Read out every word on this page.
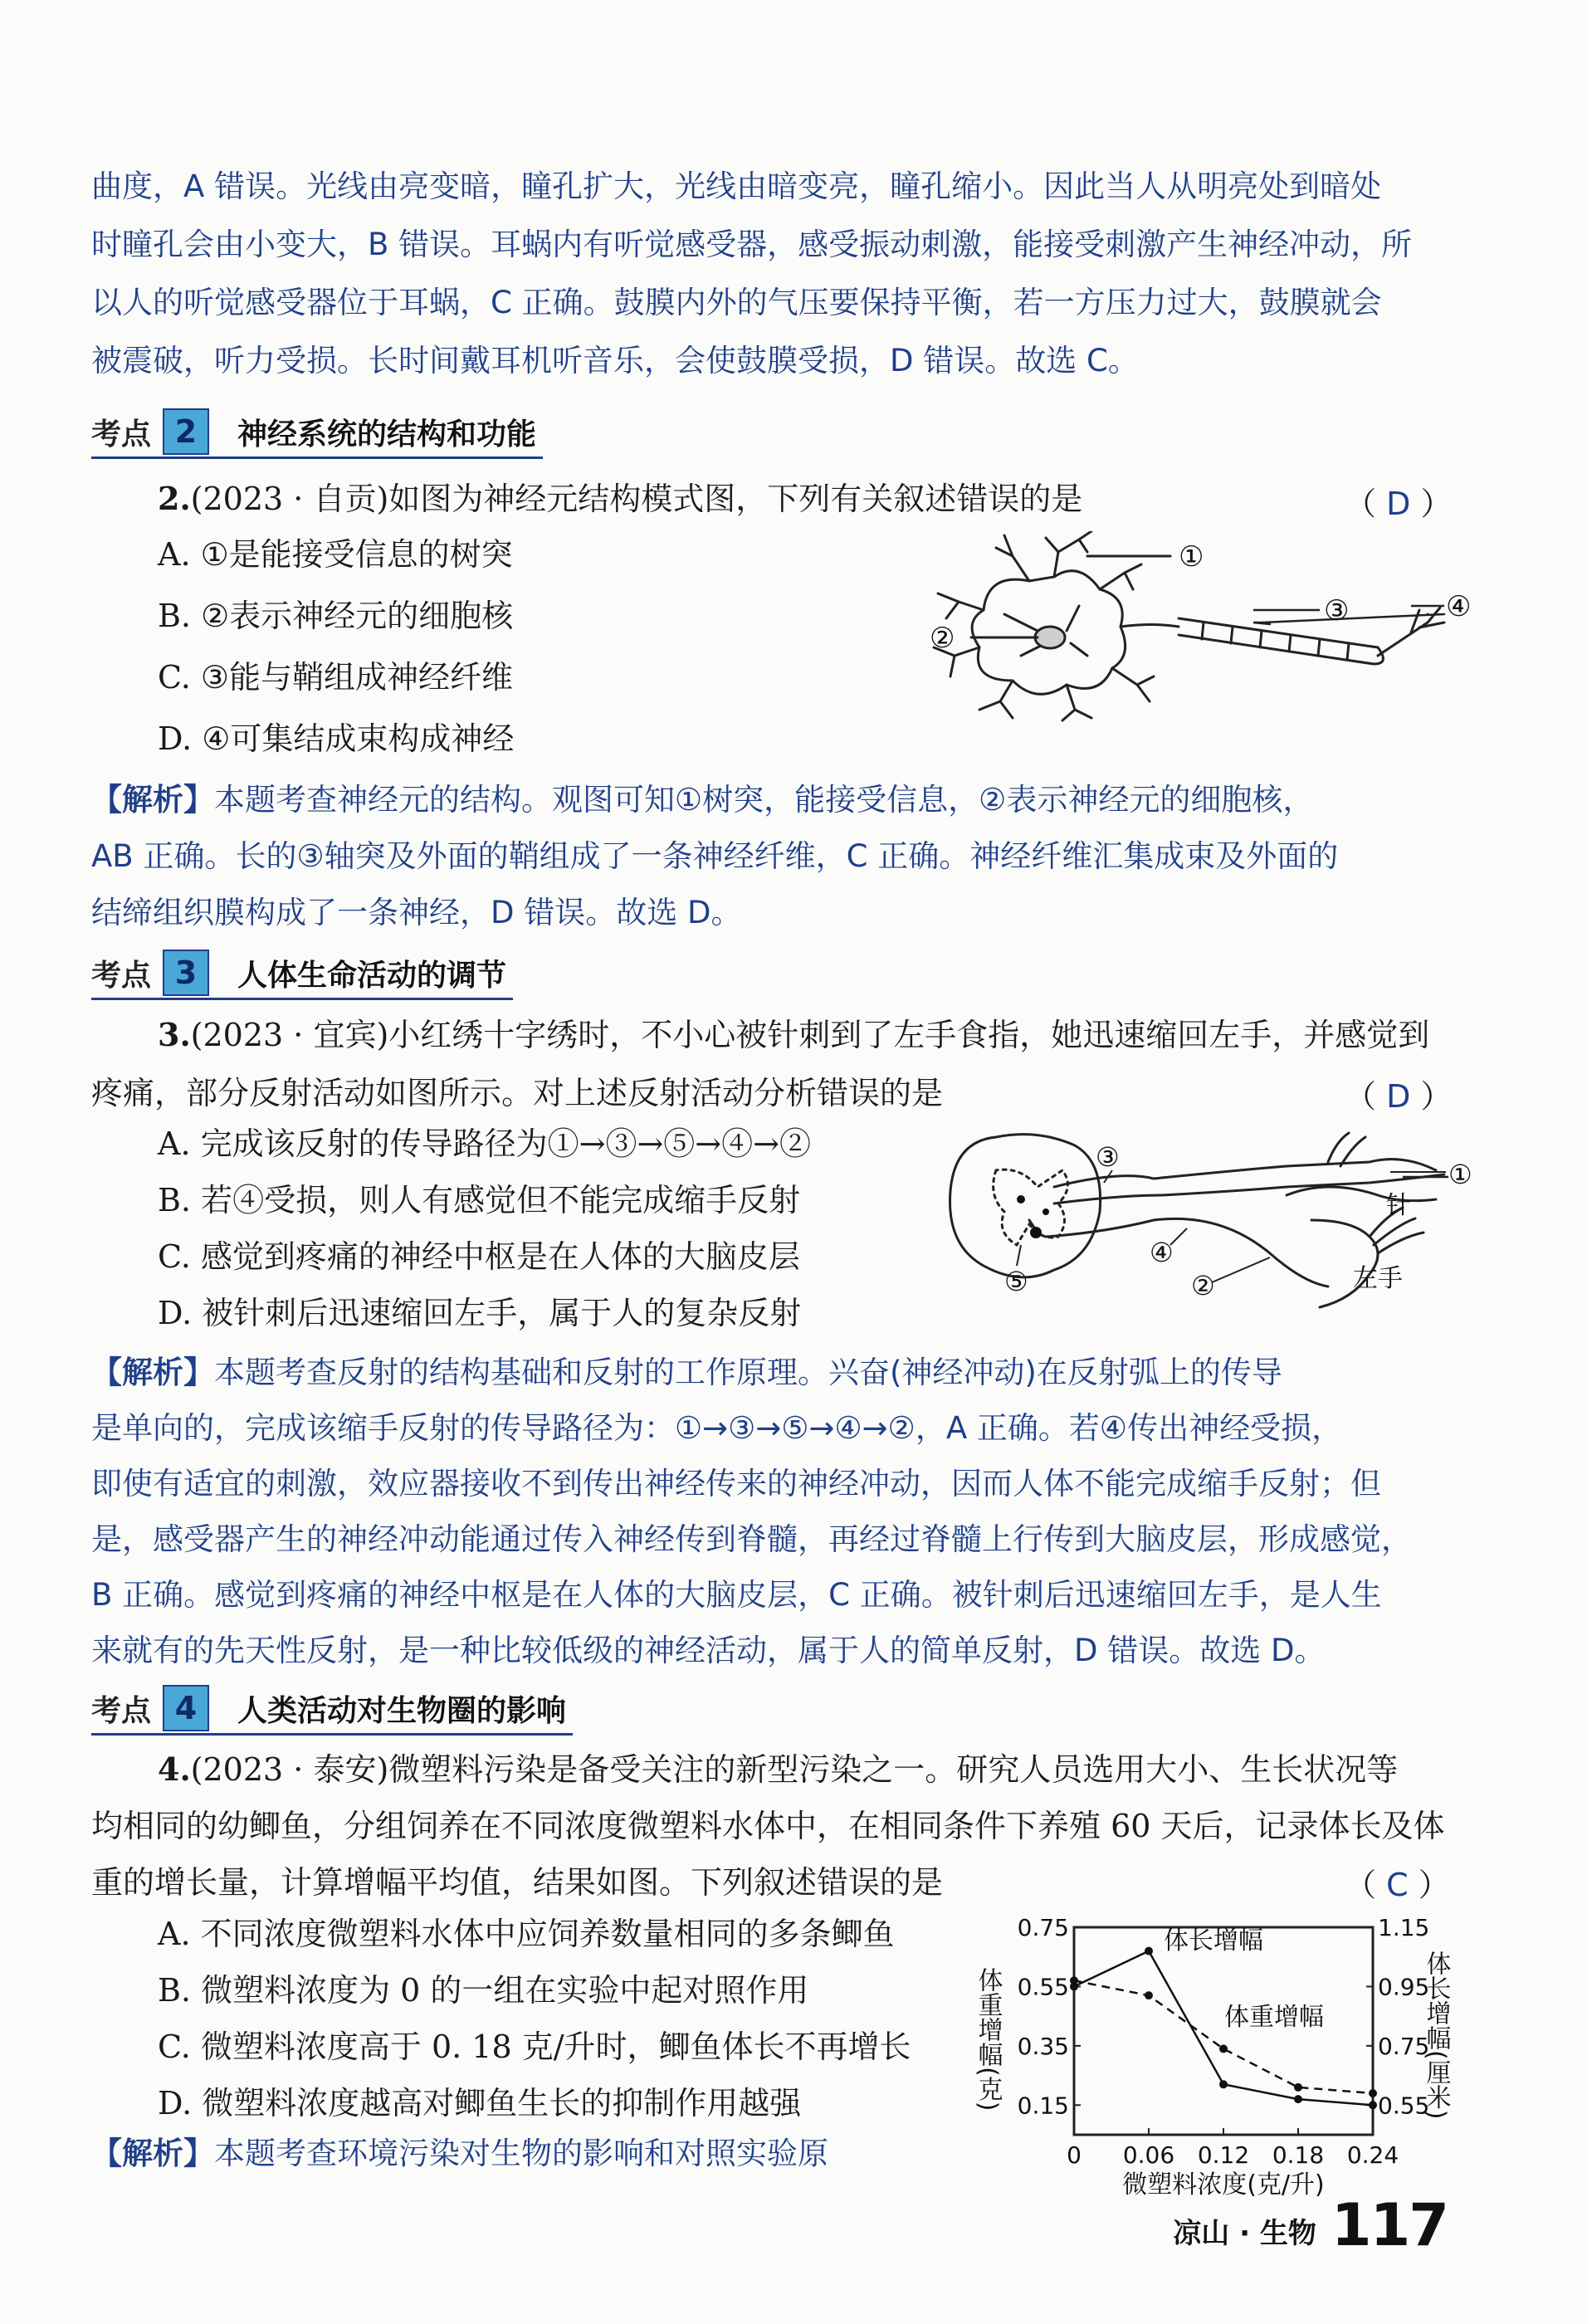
曲度，A 错误。光线由亮变暗，瞳孔扩大，光线由暗变亮，瞳孔缩小。因此当人从明亮处到暗处
时瞳孔会由小变大，B 错误。耳蜗内有听觉感受器，感受振动刺激，能接受刺激产生神经冲动，所
以人的听觉感受器位于耳蜗，C 正确。鼓膜内外的气压要保持平衡，若一方压力过大，鼓膜就会
被震破，听力受损。长时间戴耳机听音乐，会使鼓膜受损，D 错误。故选 C。
考点 2	神经系统的结构和功能
2.(2023 · 自贡)如图为神经元结构模式图，下列有关叙述错误的是	（ D ）
A. ①是能接受信息的树突
B. ②表示神经元的细胞核
C. ③能与鞘组成神经纤维
D. ④可集结成束构成神经
①
②
③	④
【解析】本题考查神经元的结构。观图可知①树突，能接受信息，②表示神经元的细胞核，
AB 正确。长的③轴突及外面的鞘组成了一条神经纤维，C 正确。神经纤维汇集成束及外面的
结缔组织膜构成了一条神经，D 错误。故选 D。
考点 3	人体生命活动的调节
3.(2023 · 宜宾)小红绣十字绣时，不小心被针刺到了左手食指，她迅速缩回左手，并感觉到
疼痛，部分反射活动如图所示。对上述反射活动分析错误的是	（ D ）
A. 完成该反射的传导路径为①→③→⑤→④→②
B. 若④受损，则人有感觉但不能完成缩手反射
C. 感觉到疼痛的神经中枢是在人体的大脑皮层
D. 被针刺后迅速缩回左手，属于人的复杂反射
①
②
③
④
⑤
针
左手
【解析】本题考查反射的结构基础和反射的工作原理。兴奋(神经冲动)在反射弧上的传导
是单向的，完成该缩手反射的传导路径为：①→③→⑤→④→②，A 正确。若④传出神经受损，
即使有适宜的刺激，效应器接收不到传出神经传来的神经冲动，因而人体不能完成缩手反射；但
是，感受器产生的神经冲动能通过传入神经传到脊髓，再经过脊髓上行传到大脑皮层，形成感觉，
B 正确。感觉到疼痛的神经中枢是在人体的大脑皮层，C 正确。被针刺后迅速缩回左手，是人生
来就有的先天性反射，是一种比较低级的神经活动，属于人的简单反射，D 错误。故选 D。
考点 4	人类活动对生物圈的影响
4.(2023 · 泰安)微塑料污染是备受关注的新型污染之一。研究人员选用大小、生长状况等
均相同的幼鲫鱼，分组饲养在不同浓度微塑料水体中，在相同条件下养殖 60 天后，记录体长及体
重的增长量，计算增幅平均值，结果如图。下列叙述错误的是	（ C ）
A. 不同浓度微塑料水体中应饲养数量相同的多条鲫鱼
B. 微塑料浓度为 0 的一组在实验中起对照作用
C. 微塑料浓度高于 0. 18 克/升时，鲫鱼体长不再增长
D. 微塑料浓度越高对鲫鱼生长的抑制作用越强
【解析】本题考查环境污染对生物的影响和对照实验原	0 0.06 0.12 0.18 0.24
0.75
0.55
0.35
0.15
1.15
0.95
0.75
0.55
微塑料浓度(克/升)
体重增幅(克)	体长增幅(厘米)
体长增幅
体重增幅
凉山 · 生物 117
